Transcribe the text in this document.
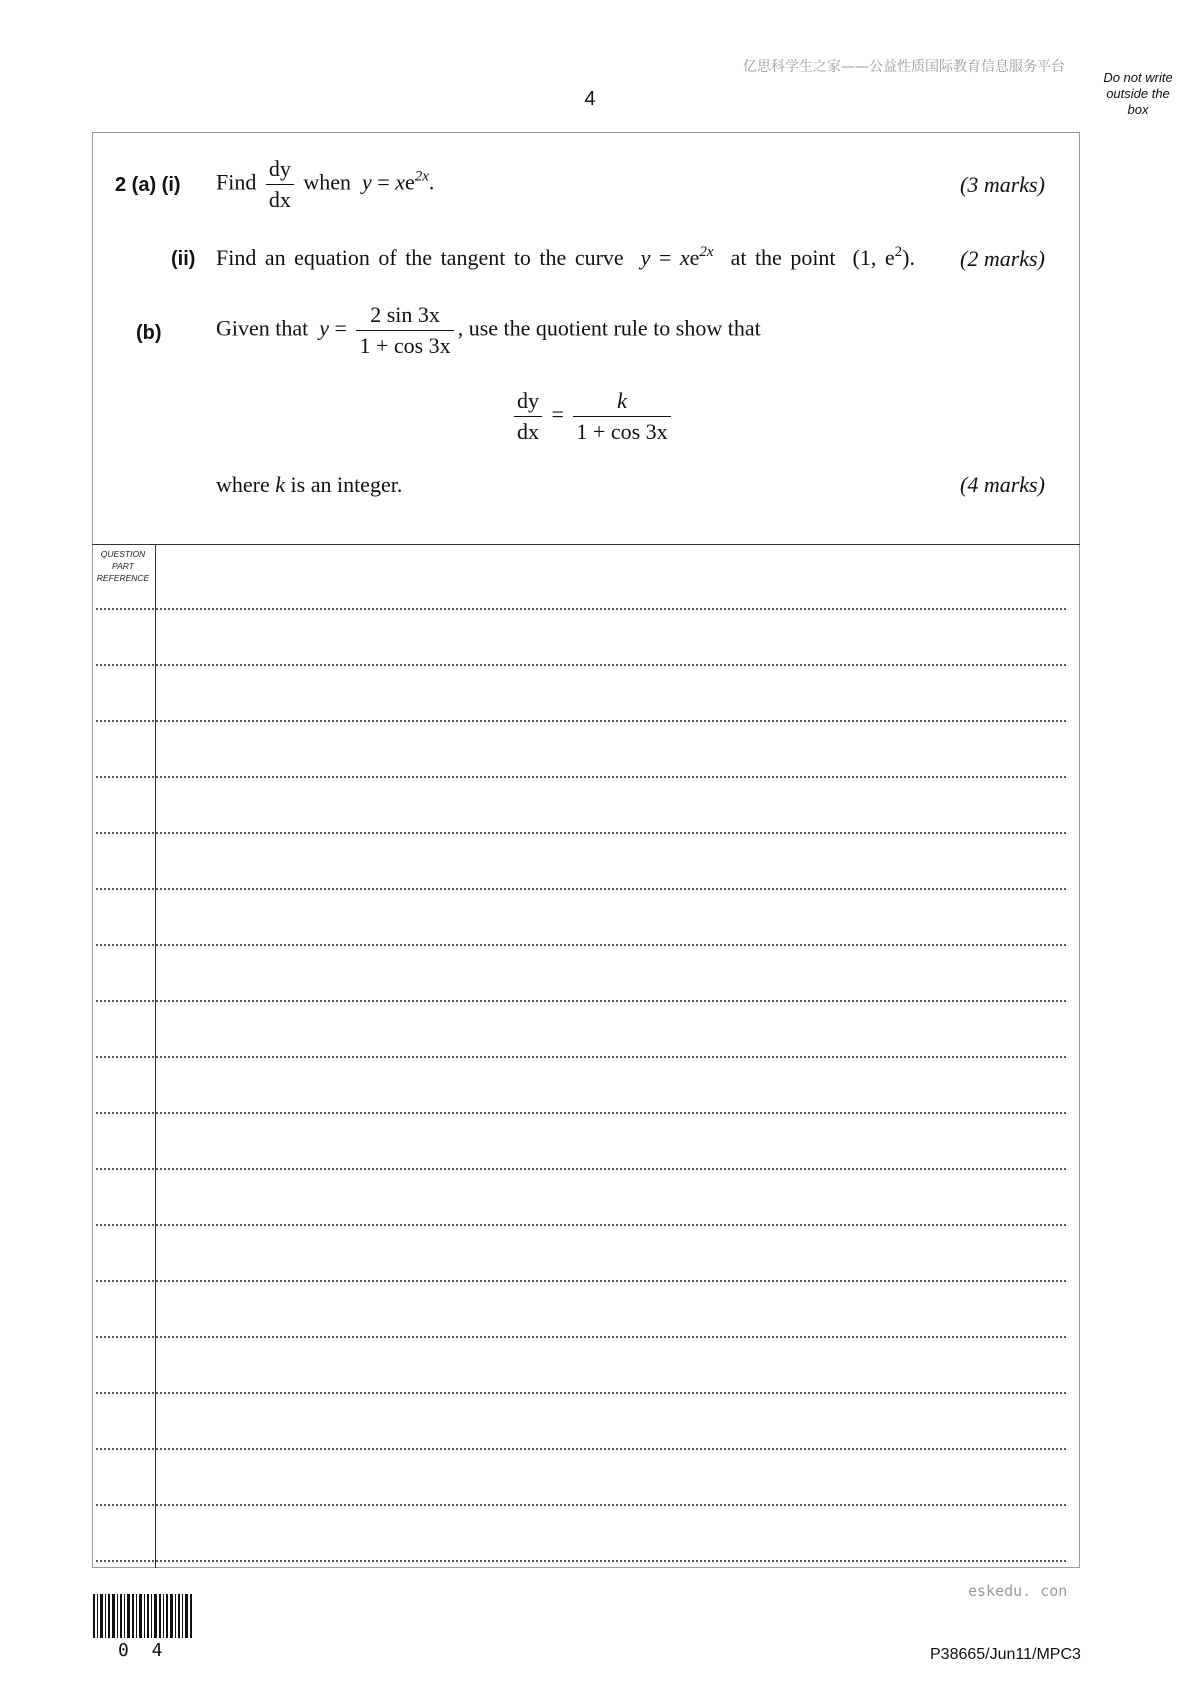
亿思科学生之家——公益性质国际教育信息服务平台
4
Do not write
outside the
box
2 (a) (i) Find $\frac{dy}{dx}$ when $y = xe^{2x}$.	(3 marks)
(ii) Find an equation of the tangent to the curve $y = xe^{2x}$ at the point (1, $e^2$). (2 marks)
(b) Given that $y = \frac{2 \sin 3x}{1 + \cos 3x}$ , use the quotient rule to show that
$\frac{dy}{dx} = \frac{k}{1 + \cos 3x}$
where k is an integer.	(4 marks)
QUESTION
PART
REFERENCE
0 4
eskedu. con
P38665/Jun11/MPC3
